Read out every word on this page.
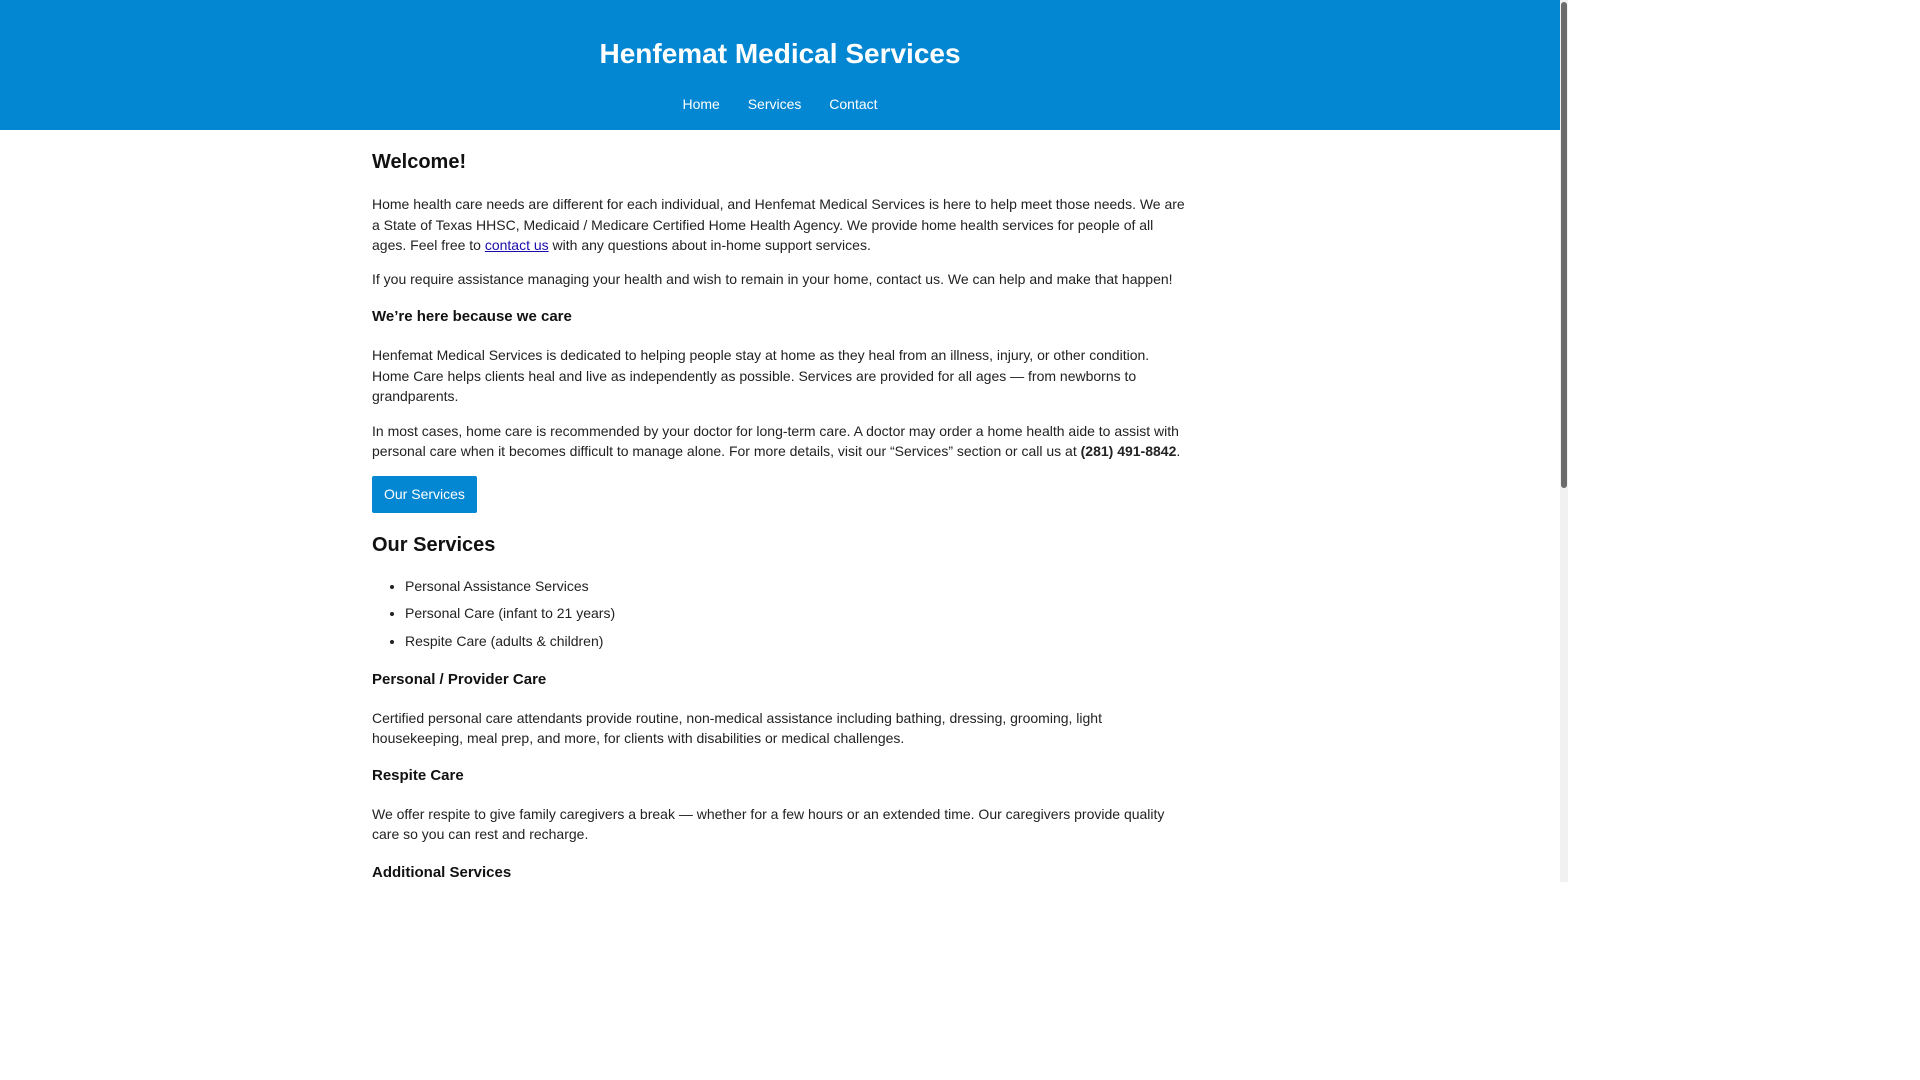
Henfemat Medical Services
Home Services Contact
Welcome!

Home health care needs are different for each individual, and Henfemat Medical Services is here to help meet those needs. We are a State of Texas HHSC, Medicaid / Medicare Certified Home Health Agency. We provide home health services for people of all ages. Feel free to contact us with any questions about in-home support services.

If you require assistance managing your health and wish to remain in your home, contact us. We can help and make that happen!

We’re here because we care

Henfemat Medical Services is dedicated to helping people stay at home as they heal from an illness, injury, or other condition. Home Care helps clients heal and live as independently as possible. Services are provided for all ages — from newborns to grandparents.

In most cases, home care is recommended by your doctor for long-term care. A doctor may order a home health aide to assist with personal care when it becomes difficult to manage alone. For more details, visit our “Services” section or call us at (281) 491-8842.

Our Services
Our Services
• Personal Assistance Services
• Personal Care (infant to 21 years)
• Respite Care (adults & children)
Personal / Provider Care

Certified personal care attendants provide routine, non-medical assistance including bathing, dressing, grooming, light housekeeping, meal prep, and more, for clients with disabilities or medical challenges.

Respite Care

We offer respite to give family caregivers a break — whether for a few hours or an extended time. Our caregivers provide quality care so you can rest and recharge.

Additional Services
